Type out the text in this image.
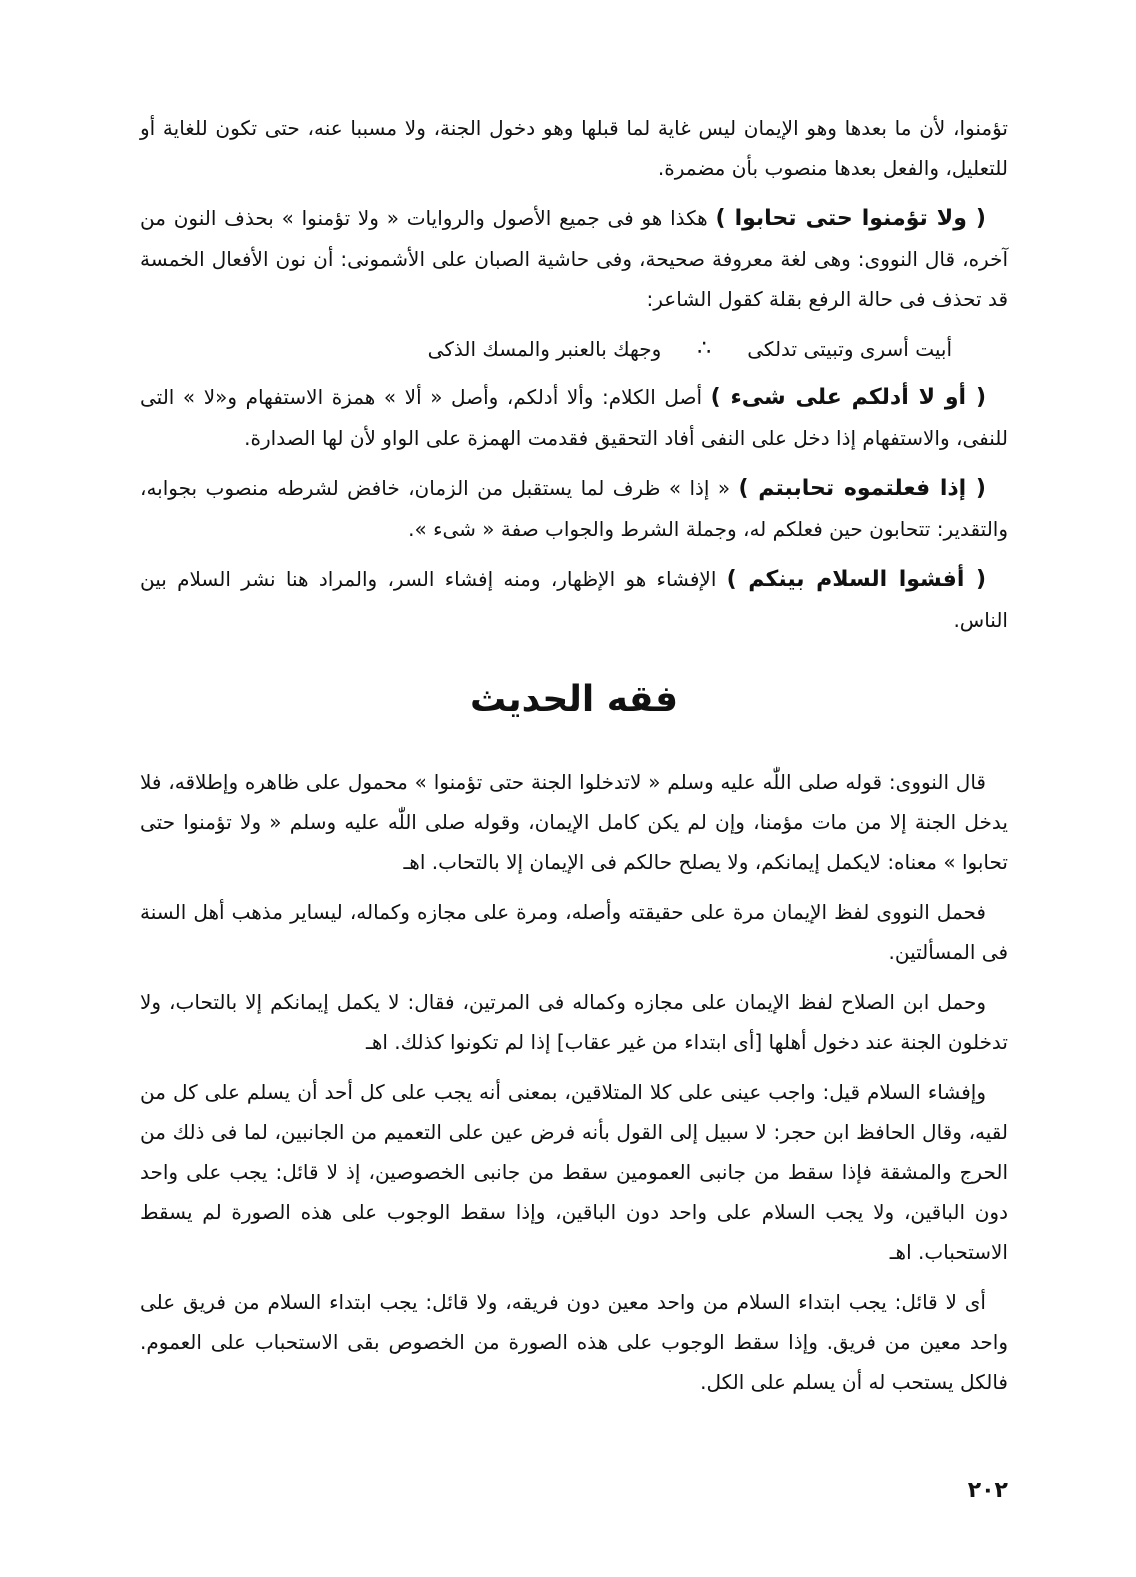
تؤمنوا، لأن ما بعدها وهو الإيمان ليس غاية لما قبلها وهو دخول الجنة، ولا مسببا عنه، حتى تكون للغاية أو للتعليل، والفعل بعدها منصوب بأن مضمرة.

( ولا تؤمنوا حتى تحابوا ) هكذا هو فى جميع الأصول والروايات « ولا تؤمنوا » بحذف النون من آخره، قال النووى: وهى لغة معروفة صحيحة، وفى حاشية الصبان على الأشمونى: أن نون الأفعال الخمسة قد تحذف فى حالة الرفع بقلة كقول الشاعر:

أبيت أسرى وتبيتى تدلكى
∴
وجهك بالعنبر والمسك الذكى

( أو لا أدلكم على شىء ) أصل الكلام: وألا أدلكم، وأصل « ألا » همزة الاستفهام و«لا » التى للنفى، والاستفهام إذا دخل على النفى أفاد التحقيق فقدمت الهمزة على الواو لأن لها الصدارة.

( إذا فعلتموه تحاببتم ) « إذا » ظرف لما يستقبل من الزمان، خافض لشرطه منصوب بجوابه، والتقدير: تتحابون حين فعلكم له، وجملة الشرط والجواب صفة « شىء ».

( أفشوا السلام بينكم ) الإفشاء هو الإظهار، ومنه إفشاء السر، والمراد هنا نشر السلام بين الناس.

فقه الحديث

قال النووى: قوله صلى اللّٰه عليه وسلم « لاتدخلوا الجنة حتى تؤمنوا » محمول على ظاهره وإطلاقه، فلا يدخل الجنة إلا من مات مؤمنا، وإن لم يكن كامل الإيمان، وقوله صلى اللّٰه عليه وسلم « ولا تؤمنوا حتى تحابوا » معناه: لايكمل إيمانكم، ولا يصلح حالكم فى الإيمان إلا بالتحاب. اهـ

فحمل النووى لفظ الإيمان مرة على حقيقته وأصله، ومرة على مجازه وكماله، ليساير مذهب أهل السنة فى المسألتين.

وحمل ابن الصلاح لفظ الإيمان على مجازه وكماله فى المرتين، فقال: لا يكمل إيمانكم إلا بالتحاب، ولا تدخلون الجنة عند دخول أهلها [أى ابتداء من غير عقاب] إذا لم تكونوا كذلك. اهـ

وإفشاء السلام قيل: واجب عينى على كلا المتلاقين، بمعنى أنه يجب على كل أحد أن يسلم على كل من لقيه، وقال الحافظ ابن حجر: لا سبيل إلى القول بأنه فرض عين على التعميم من الجانبين، لما فى ذلك من الحرج والمشقة فإذا سقط من جانبى العمومين سقط من جانبى الخصوصين، إذ لا قائل: يجب على واحد دون الباقين، ولا يجب السلام على واحد دون الباقين، وإذا سقط الوجوب على هذه الصورة لم يسقط الاستحباب. اهـ

أى لا قائل: يجب ابتداء السلام من واحد معين دون فريقه، ولا قائل: يجب ابتداء السلام من فريق على واحد معين من فريق. وإذا سقط الوجوب على هذه الصورة من الخصوص بقى الاستحباب على العموم. فالكل يستحب له أن يسلم على الكل.

٢٠٢
